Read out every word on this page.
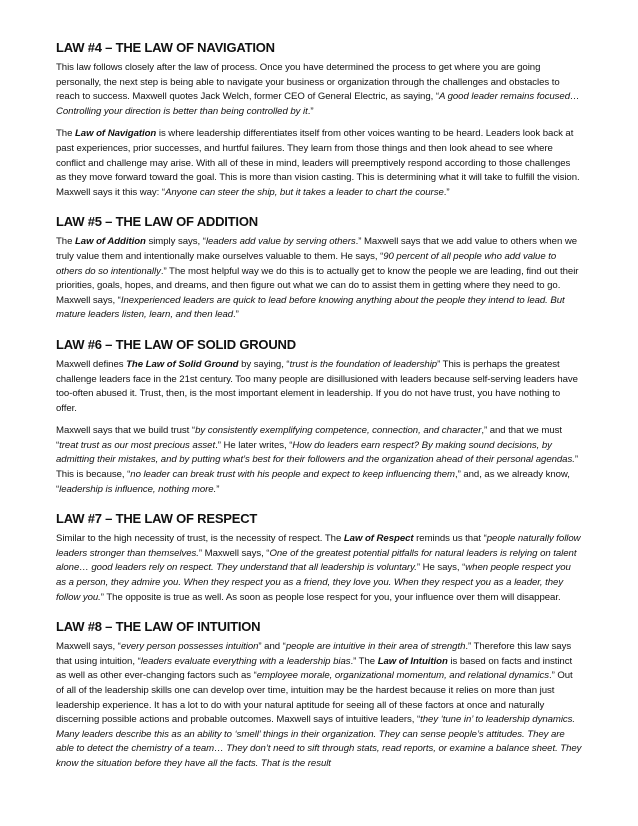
LAW #4 – THE LAW OF NAVIGATION

This law follows closely after the law of process. Once you have determined the process to get where you are going personally, the next step is being able to navigate your business or organization through the challenges and obstacles to reach to success. Maxwell quotes Jack Welch, former CEO of General Electric, as saying, “A good leader remains focused… Controlling your direction is better than being controlled by it.”

The Law of Navigation is where leadership differentiates itself from other voices wanting to be heard. Leaders look back at past experiences, prior successes, and hurtful failures. They learn from those things and then look ahead to see where conflict and challenge may arise. With all of these in mind, leaders will preemptively respond according to those challenges as they move forward toward the goal. This is more than vision casting. This is determining what it will take to fulfill the vision. Maxwell says it this way: “Anyone can steer the ship, but it takes a leader to chart the course.”

LAW #5 – THE LAW OF ADDITION

The Law of Addition simply says, “leaders add value by serving others.” Maxwell says that we add value to others when we truly value them and intentionally make ourselves valuable to them. He says, “90 percent of all people who add value to others do so intentionally.” The most helpful way we do this is to actually get to know the people we are leading, find out their priorities, goals, hopes, and dreams, and then figure out what we can do to assist them in getting where they need to go. Maxwell says, “Inexperienced leaders are quick to lead before knowing anything about the people they intend to lead. But mature leaders listen, learn, and then lead.”

LAW #6 – THE LAW OF SOLID GROUND

Maxwell defines The Law of Solid Ground by saying, “trust is the foundation of leadership” This is perhaps the greatest challenge leaders face in the 21st century. Too many people are disillusioned with leaders because self-serving leaders have too-often abused it. Trust, then, is the most important element in leadership. If you do not have trust, you have nothing to offer.

Maxwell says that we build trust “by consistently exemplifying competence, connection, and character,” and that we must “treat trust as our most precious asset.” He later writes, “How do leaders earn respect? By making sound decisions, by admitting their mistakes, and by putting what’s best for their followers and the organization ahead of their personal agendas.” This is because, “no leader can break trust with his people and expect to keep influencing them,” and, as we already know, “leadership is influence, nothing more.”

LAW #7 – THE LAW OF RESPECT

Similar to the high necessity of trust, is the necessity of respect. The Law of Respect reminds us that “people naturally follow leaders stronger than themselves.” Maxwell says, “One of the greatest potential pitfalls for natural leaders is relying on talent alone… good leaders rely on respect. They understand that all leadership is voluntary.” He says, “when people respect you as a person, they admire you. When they respect you as a friend, they love you. When they respect you as a leader, they follow you.” The opposite is true as well. As soon as people lose respect for you, your influence over them will disappear.

LAW #8 – THE LAW OF INTUITION

Maxwell says, “every person possesses intuition” and “people are intuitive in their area of strength.” Therefore this law says that using intuition, “leaders evaluate everything with a leadership bias.” The Law of Intuition is based on facts and instinct as well as other ever-changing factors such as “employee morale, organizational momentum, and relational dynamics.” Out of all of the leadership skills one can develop over time, intuition may be the hardest because it relies on more than just leadership experience. It has a lot to do with your natural aptitude for seeing all of these factors at once and naturally discerning possible actions and probable outcomes. Maxwell says of intuitive leaders, “they ‘tune in’ to leadership dynamics. Many leaders describe this as an ability to ‘smell’ things in their organization. They can sense people’s attitudes. They are able to detect the chemistry of a team… They don’t need to sift through stats, read reports, or examine a balance sheet. They know the situation before they have all the facts. That is the result
